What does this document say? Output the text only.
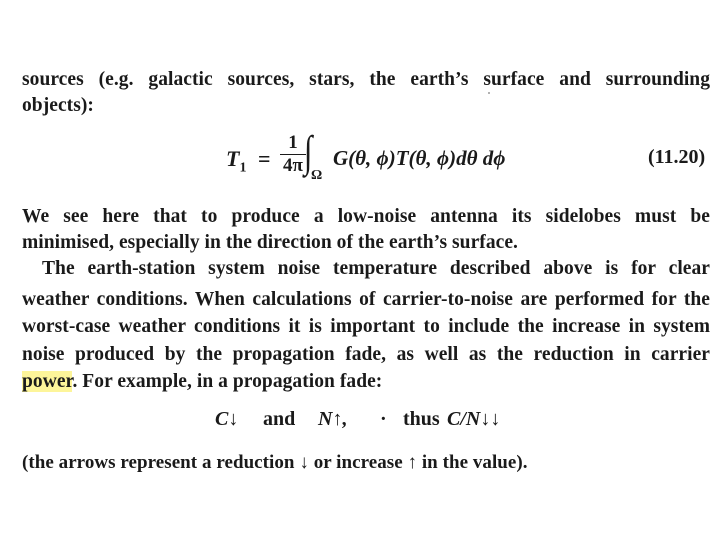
sources (e.g. galactic sources, stars, the earth’s surface and surrounding
objects):
$T_1 = \frac{1}{4\pi}$
∫
Ω
G(θ, ϕ)T(θ, ϕ)dθ dϕ	(11.20)
We see here that to produce a low-noise antenna its sidelobes must be
minimised, especially in the direction of the earth’s surface.
The earth-station system noise temperature described above is for clear
weather conditions. When calculations of carrier-to-noise are performed for the
worst-case weather conditions it is important to include the increase in system
noise produced by the propagation fade, as well as the reduction in carrier
power. For example, in a propagation fade:
C↓ and N↑, · thus C/N↓↓
(the arrows represent a reduction ↓ or increase ↑ in the value).
